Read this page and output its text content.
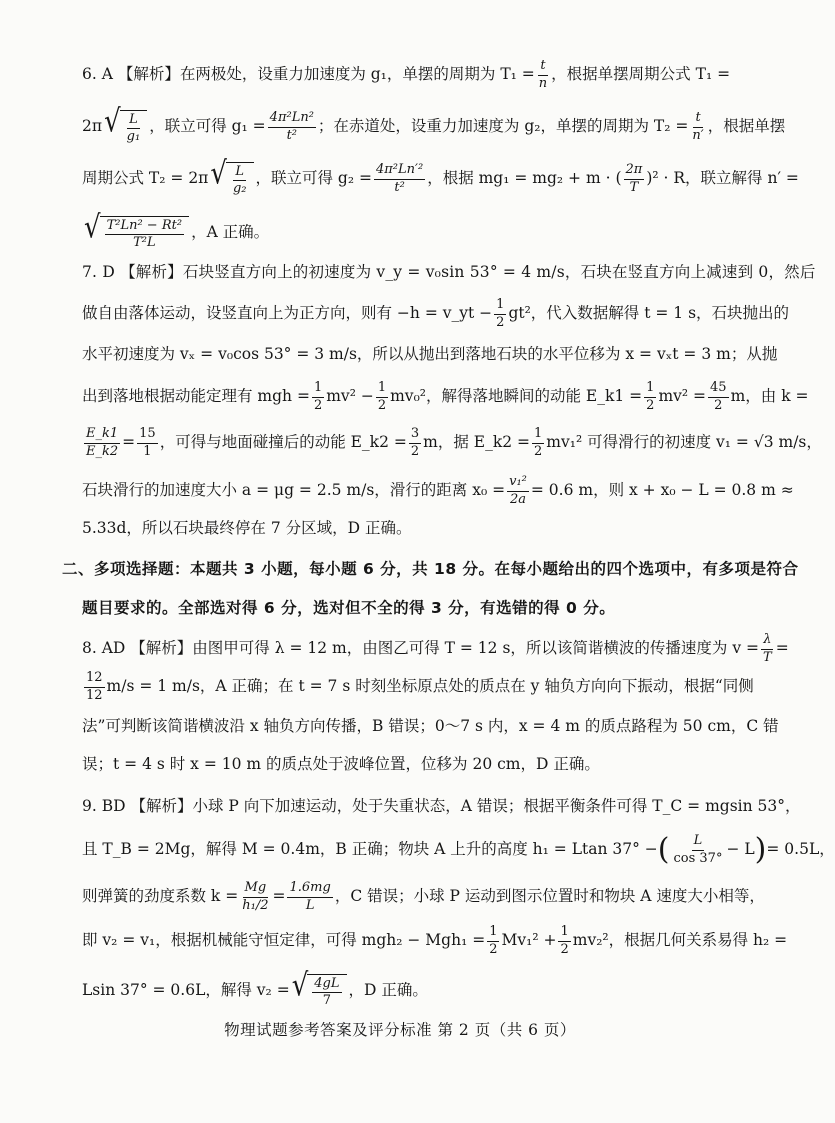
6. A 【解析】在两极处，设重力加速度为 g₁，单摆的周期为 $T_1 = \frac{t}{n}$ ，根据单摆周期公式 T₁ =
2π √ $\frac{L}{\text{g₁}}$ ，联立可得 $g_1 = \frac{\text{4π²Ln²}}{\text{t²}}$ ；在赤道处，设重力加速度为 g₂，单摆的周期为 $T_2 = \frac{t}{n'}$ ，根据单摆
周期公式 T₂ = 2π √ $\frac{L}{\text{g₂}}$ ，联立可得 $g_2 = \frac{\text{4π²Ln′²}}{\text{t²}}$ ，根据 mg₁ = mg₂ + m · ( $\frac{2\pi}{T} )^2 \cdot R$，联立解得 n′ =
√ $\frac{\text{T²Ln² − Rt²}}{\text{T²L}}$ ，A 正确。
7. D 【解析】石块竖直方向上的初速度为 v_y = v₀sin 53° = 4 m/s，石块在竖直方向上减速到 0，然后
做自由落体运动，设竖直向上为正方向，则有 −h = v_yt − $\frac{1}{2} gt^2$，代入数据解得 t = 1 s，石块抛出的
水平初速度为 vₓ = v₀cos 53° = 3 m/s，所以从抛出到落地石块的水平位移为 x = vₓt = 3 m；从抛
出到落地根据动能定理有 mgh = $\frac{1}{2} mv^2 - \frac{1}{2} mv_0^2$，解得落地瞬间的动能 E_k1 = $\frac{1}{2} mv^2 = \frac{45}{2}$ m，由 k =
$\frac{E\_k1}{E\_k2} = \frac{15}{1}$ ，可得与地面碰撞后的动能 E_k2 = $\frac{3}{2}$ m，据 E_k2 = $\frac{1}{2} mv_1^2$ 可得滑行的初速度 v₁ = √3 m/s，
石块滑行的加速度大小 a = μg = 2.5 m/s，滑行的距离 $x_0 = \frac{\text{v₁²}}{2a} = 0.6$ m，则 x + x₀ − L = 0.8 m ≈
5.33d，所以石块最终停在 7 分区域，D 正确。
二、多项选择题：本题共 3 小题，每小题 6 分，共 18 分。在每小题给出的四个选项中，有多项是符合
题目要求的。全部选对得 6 分，选对但不全的得 3 分，有选错的得 0 分。
8. AD 【解析】由图甲可得 λ = 12 m，由图乙可得 T = 12 s，所以该简谐横波的传播速度为 $v = \frac{\lambda}{T}$ =
$\frac{12}{12} m/s = 1$ m/s，A 正确；在 t = 7 s 时刻坐标原点处的质点在 y 轴负方向向下振动，根据“同侧
法”可判断该简谐横波沿 x 轴负方向传播，B 错误；0～7 s 内，x = 4 m 的质点路程为 50 cm，C 错
误；t = 4 s 时 x = 10 m 的质点处于波峰位置，位移为 20 cm，D 正确。
9. BD 【解析】小球 P 向下加速运动，处于失重状态，A 错误；根据平衡条件可得 T_C = mgsin 53°，
且 T_B = 2Mg，解得 M = 0.4m，B 正确；物块 A 上升的高度 h₁ = Ltan 37° − ( $\frac{L}{\cos 37^\circ} - L$ ) = 0.5L，
则弹簧的劲度系数 $k = \frac{Mg}{\text{h₁/2}} = \frac{1.6mg}{L}$ ，C 错误；小球 P 运动到图示位置时和物块 A 速度大小相等，
即 v₂ = v₁，根据机械能守恒定律，可得 $mgh_2 - Mgh_1 = \frac{1}{2} Mv_1^2 + \frac{1}{2} mv_2^2$，根据几何关系易得 h₂ =
Lsin 37° = 0.6L，解得 v₂ = √ $\frac{4gL}{7}$ ，D 正确。
物理试题参考答案及评分标准 第 2 页（共 6 页）
